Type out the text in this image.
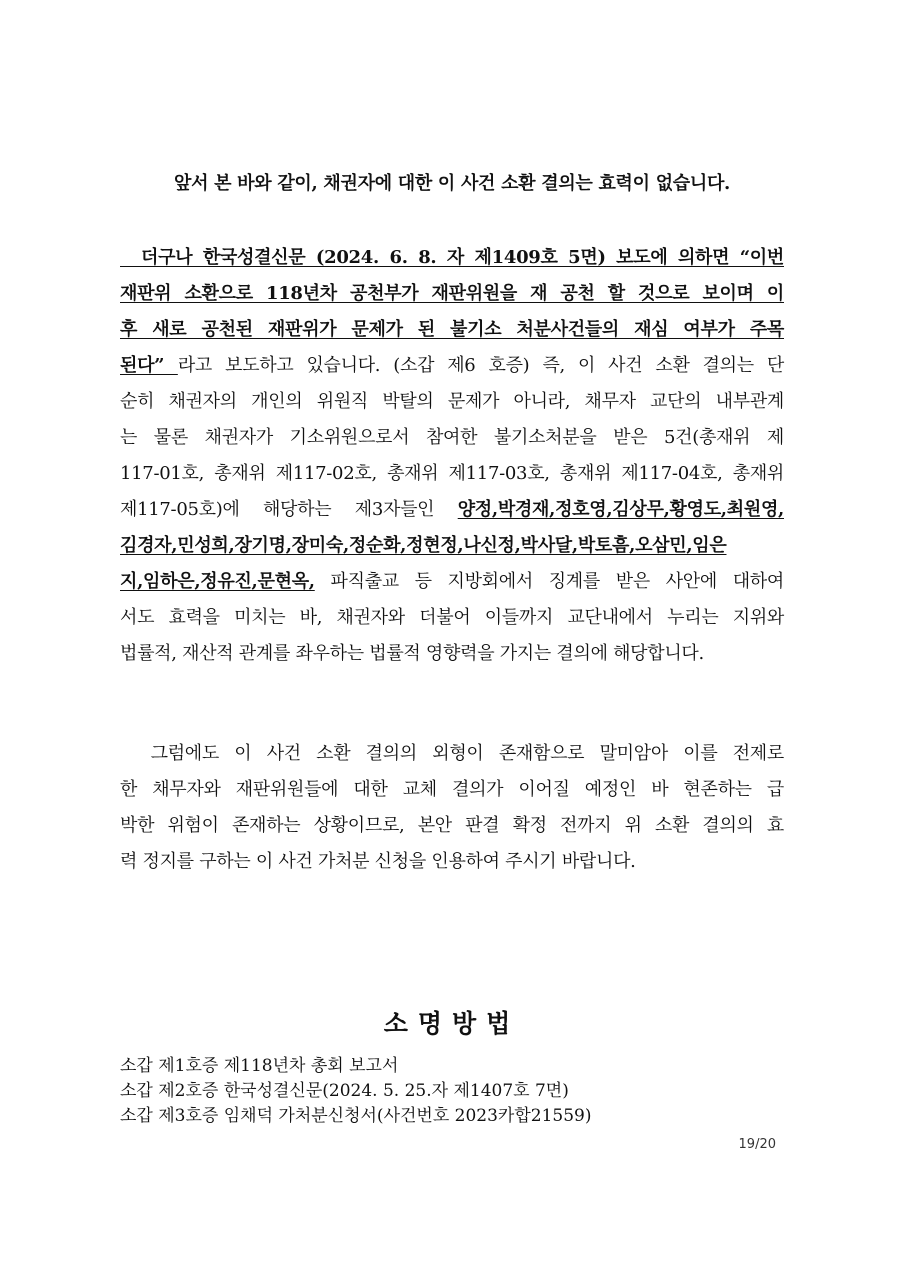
앞서 본 바와 같이, 채권자에 대한 이 사건 소환 결의는 효력이 없습니다.
더구나 한국성결신문 (2024. 6. 8. 자 제1409호 5면) 보도에 의하면 “이번
재판위 소환으로 118년차 공천부가 재판위원을 재 공천 할 것으로 보이며 이
후 새로 공천된 재판위가 문제가 된 불기소 처분사건들의 재심 여부가 주목
된다” 라고 보도하고 있습니다. (소갑 제6 호증) 즉, 이 사건 소환 결의는 단
순히 채권자의 개인의 위원직 박탈의 문제가 아니라, 채무자 교단의 내부관계
는 물론 채권자가 기소위원으로서 참여한 불기소처분을 받은 5건(총재위 제
117-01호, 총재위 제117-02호, 총재위 제117-03호, 총재위 제117-04호, 총재위
제117-05호)에 해당하는 제3자들인 양정,박경재,정호영,김상무,황영도,최원영,
김경자,민성희,장기명,장미숙,정순화,정현정,나신정,박사달,박토흠,오삼민,임은
지,임하은,정유진,문현옥, 파직출교 등 지방회에서 징계를 받은 사안에 대하여
서도 효력을 미치는 바, 채권자와 더불어 이들까지 교단내에서 누리는 지위와
법률적, 재산적 관계를 좌우하는 법률적 영향력을 가지는 결의에 해당합니다.
그럼에도 이 사건 소환 결의의 외형이 존재함으로 말미암아 이를 전제로
한 채무자와 재판위원들에 대한 교체 결의가 이어질 예정인 바 현존하는 급
박한 위험이 존재하는 상황이므로, 본안 판결 확정 전까지 위 소환 결의의 효
력 정지를 구하는 이 사건 가처분 신청을 인용하여 주시기 바랍니다.
소명방법
소갑 제1호증 제118년차 총회 보고서
소갑 제2호증 한국성결신문(2024. 5. 25.자 제1407호 7면)
소갑 제3호증 임채덕 가처분신청서(사건번호 2023카합21559)
19/20
